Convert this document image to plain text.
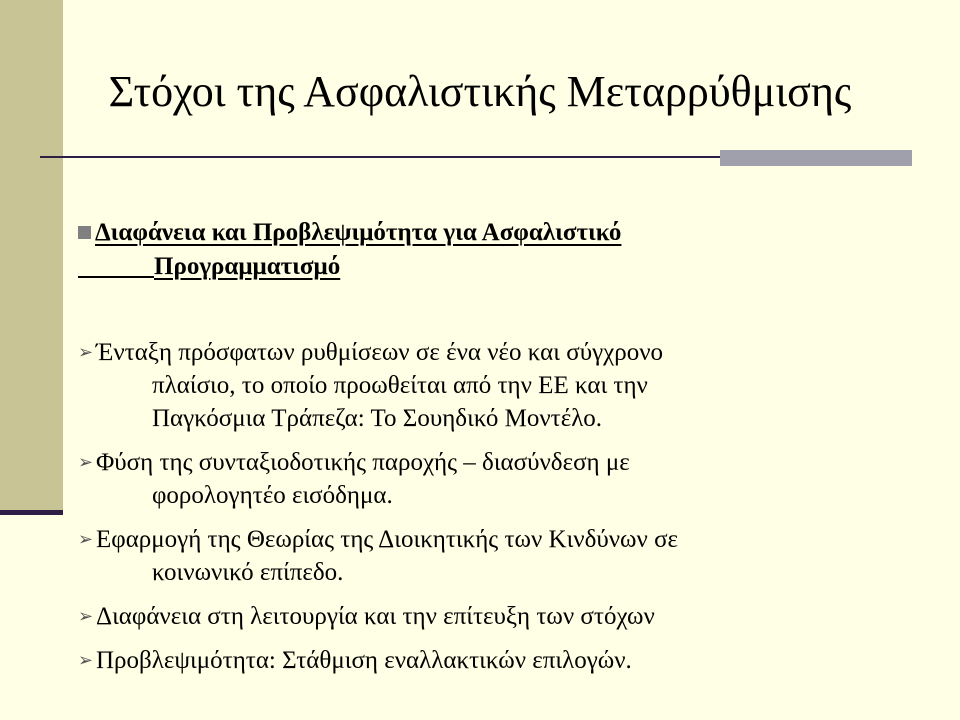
Στόχοι της Ασφαλιστικής Μεταρρύθμισης
Διαφάνεια και Προβλεψιμότητα για Ασφαλιστικό
Προγραμματισμό
➢ Ένταξη πρόσφατων ρυθμίσεων σε ένα νέο και σύγχρονο
πλαίσιο, το οποίο προωθείται από την ΕΕ και την
Παγκόσμια Τράπεζα: Το Σουηδικό Μοντέλο.
➢ Φύση της συνταξιοδοτικής παροχής – διασύνδεση με
φορολογητέο εισόδημα.
➢ Εφαρμογή της Θεωρίας της Διοικητικής των Κινδύνων σε
κοινωνικό επίπεδο.
➢ Διαφάνεια στη λειτουργία και την επίτευξη των στόχων
➢ Προβλεψιμότητα: Στάθμιση εναλλακτικών επιλογών.
